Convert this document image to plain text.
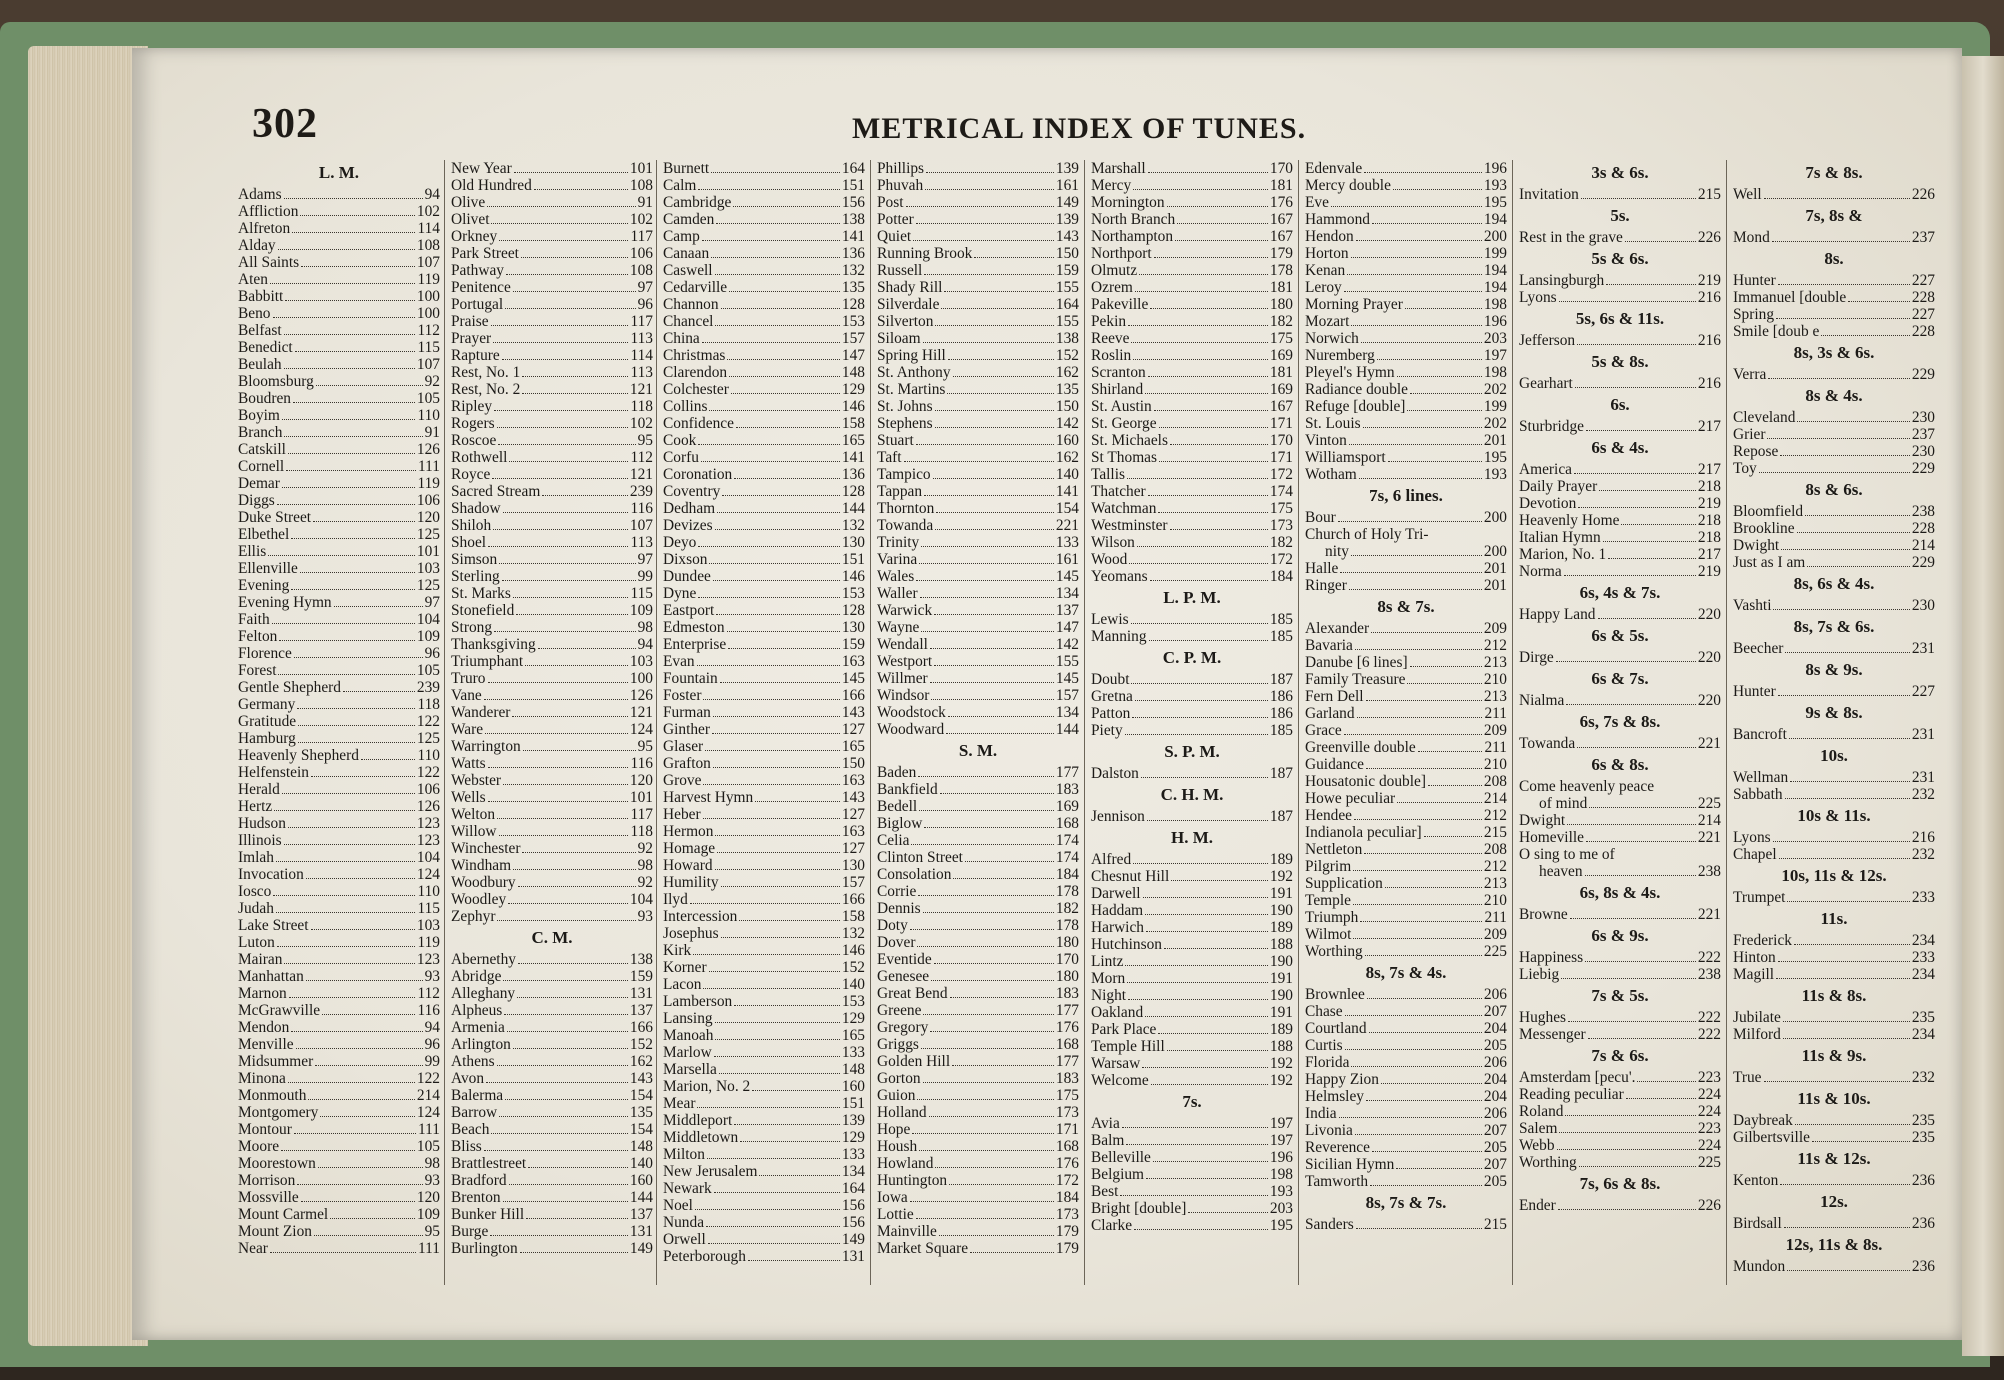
302	METRICAL INDEX OF TUNES.
L. M.
Adams	94
Affliction	102
Alfreton	114
Alday	108
All Saints	107
Aten	119
Babbitt	100
Beno	100
Belfast	112
Benedict	115
Beulah	107
Bloomsburg	92
Boudren	105
Boyim	110
Branch	91
Catskill	126
Cornell	111
Demar	119
Diggs	106
Duke Street	120
Elbethel	125
Ellis	101
Ellenville	103
Evening	125
Evening Hymn	97
Faith	104
Felton	109
Florence	96
Forest	105
Gentle Shepherd	239
Germany	118
Gratitude	122
Hamburg	125
Heavenly Shepherd	110
Helfenstein	122
Herald	106
Hertz	126
Hudson	123
Illinois	123
Imlah	104
Invocation	124
Iosco	110
Judah	115
Lake Street	103
Luton	119
Mairan	123
Manhattan	93
Marnon	112
McGrawville	116
Mendon	94
Menville	96
Midsummer	99
Minona	122
Monmouth	214
Montgomery	124
Montour	111
Moore	105
Moorestown	98
Morrison	93
Mossville	120
Mount Carmel	109
Mount Zion	95
Near	111
New Year	101
Old Hundred	108
Olive	91
Olivet	102
Orkney	117
Park Street	106
Pathway	108
Penitence	97
Portugal	96
Praise	117
Prayer	113
Rapture	114
Rest, No. 1	113
Rest, No. 2	121
Ripley	118
Rogers	102
Roscoe	95
Rothwell	112
Royce	121
Sacred Stream	239
Shadow	116
Shiloh	107
Shoel	113
Simson	97
Sterling	99
St. Marks	115
Stonefield	109
Strong	98
Thanksgiving	94
Triumphant	103
Truro	100
Vane	126
Wanderer	121
Ware	124
Warrington	95
Watts	116
Webster	120
Wells	101
Welton	117
Willow	118
Winchester	92
Windham	98
Woodbury	92
Woodley	104
Zephyr	93
C. M.
Abernethy	138
Abridge	159
Alleghany	131
Alpheus	137
Armenia	166
Arlington	152
Athens	162
Avon	143
Balerma	154
Barrow	135
Beach	154
Bliss	148
Brattlestreet	140
Bradford	160
Brenton	144
Bunker Hill	137
Burge	131
Burlington	149
Burnett	164
Calm	151
Cambridge	156
Camden	138
Camp	141
Canaan	136
Caswell	132
Cedarville	135
Channon	128
Chancel	153
China	157
Christmas	147
Clarendon	148
Colchester	129
Collins	146
Confidence	158
Cook	165
Corfu	141
Coronation	136
Coventry	128
Dedham	144
Devizes	132
Deyo	130
Dixson	151
Dundee	146
Dyne	153
Eastport	128
Edmeston	130
Enterprise	159
Evan	163
Fountain	145
Foster	166
Furman	143
Ginther	127
Glaser	165
Grafton	150
Grove	163
Harvest Hymn	143
Heber	127
Hermon	163
Homage	127
Howard	130
Humility	157
Ilyd	166
Intercession	158
Josephus	132
Kirk	146
Korner	152
Lacon	140
Lamberson	153
Lansing	129
Manoah	165
Marlow	133
Marsella	148
Marion, No. 2	160
Mear	151
Middleport	139
Middletown	129
Milton	133
New Jerusalem	134
Newark	164
Noel	156
Nunda	156
Orwell	149
Peterborough	131
Phillips	139
Phuvah	161
Post	149
Potter	139
Quiet	143
Running Brook	150
Russell	159
Shady Rill	155
Silverdale	164
Silverton	155
Siloam	138
Spring Hill	152
St. Anthony	162
St. Martins	135
St. Johns	150
Stephens	142
Stuart	160
Taft	162
Tampico	140
Tappan	141
Thornton	154
Towanda	221
Trinity	133
Varina	161
Wales	145
Waller	134
Warwick	137
Wayne	147
Wendall	142
Westport	155
Willmer	145
Windsor	157
Woodstock	134
Woodward	144
S. M.
Baden	177
Bankfield	183
Bedell	169
Biglow	168
Celia	174
Clinton Street	174
Consolation	184
Corrie	178
Dennis	182
Doty	178
Dover	180
Eventide	170
Genesee	180
Great Bend	183
Greene	177
Gregory	176
Griggs	168
Golden Hill	177
Gorton	183
Guion	175
Holland	173
Hope	171
Housh	168
Howland	176
Huntington	172
Iowa	184
Lottie	173
Mainville	179
Market Square	179
Marshall	170
Mercy	181
Mornington	176
North Branch	167
Northampton	167
Northport	179
Olmutz	178
Ozrem	181
Pakeville	180
Pekin	182
Reeve	175
Roslin	169
Scranton	181
Shirland	169
St. Austin	167
St. George	171
St. Michaels	170
St Thomas	171
Tallis	172
Thatcher	174
Watchman	175
Westminster	173
Wilson	182
Wood	172
Yeomans	184
L. P. M.
Lewis	185
Manning	185
C. P. M.
Doubt	187
Gretna	186
Patton	186
Piety	185
S. P. M.
Dalston	187
C. H. M.
Jennison	187
H. M.
Alfred	189
Chesnut Hill	192
Darwell	191
Haddam	190
Harwich	189
Hutchinson	188
Lintz	190
Morn	191
Night	190
Oakland	191
Park Place	189
Temple Hill	188
Warsaw	192
Welcome	192
7s.
Avia	197
Balm	197
Belleville	196
Belgium	198
Best	193
Bright [double]	203
Clarke	195
Edenvale	196
Mercy double	193
Eve	195
Hammond	194
Hendon	200
Horton	199
Kenan	194
Leroy	194
Morning Prayer	198
Mozart	196
Norwich	203
Nuremberg	197
Pleyel's Hymn	198
Radiance double	202
Refuge [double]	199
St. Louis	202
Vinton	201
Williamsport	195
Wotham	193
7s, 6 lines.
Bour	200
Church of Holy Tri-
nity	200
Halle	201
Ringer	201
8s & 7s.
Alexander	209
Bavaria	212
Danube [6 lines]	213
Family Treasure	210
Fern Dell	213
Garland	211
Grace	209
Greenville double	211
Guidance	210
Housatonic double]	208
Howe peculiar	214
Hendee	212
Indianola peculiar]	215
Nettleton	208
Pilgrim	212
Supplication	213
Temple	210
Triumph	211
Wilmot	209
Worthing	225
8s, 7s & 4s.
Brownlee	206
Chase	207
Courtland	204
Curtis	205
Florida	206
Happy Zion	204
Helmsley	204
India	206
Livonia	207
Reverence	205
Sicilian Hymn	207
Tamworth	205
8s, 7s & 7s.
Sanders	215
3s & 6s.
Invitation	215
5s.
Rest in the grave	226
5s & 6s.
Lansingburgh	219
Lyons	216
5s, 6s & 11s.
Jefferson	216
5s & 8s.
Gearhart	216
6s.
Sturbridge	217
6s & 4s.
America	217
Daily Prayer	218
Devotion	219
Heavenly Home	218
Italian Hymn	218
Marion, No. 1	217
Norma	219
6s, 4s & 7s.
Happy Land	220
6s & 5s.
Dirge	220
6s & 7s.
Nialma	220
6s, 7s & 8s.
Towanda	221
6s & 8s.
Come heavenly peace
of mind	225
Dwight	214
Homeville	221
O sing to me of
heaven	238
6s, 8s & 4s.
Browne	221
6s & 9s.
Happiness	222
Liebig	238
7s & 5s.
Hughes	222
Messenger	222
7s & 6s.
Amsterdam [pecu'.	223
Reading peculiar	224
Roland	224
Salem	223
Webb	224
Worthing	225
7s, 6s & 8s.
Ender	226
7s & 8s.
Well	226
7s, 8s &
Mond	237
8s.
Hunter	227
Immanuel [double	228
Spring	227
Smile [doub e	228
8s, 3s & 6s.
Verra	229
8s & 4s.
Cleveland	230
Grier	237
Repose	230
Toy	229
8s & 6s.
Bloomfield	238
Brookline	228
Dwight	214
Just as I am	229
8s, 6s & 4s.
Vashti	230
8s, 7s & 6s.
Beecher	231
8s & 9s.
Hunter	227
9s & 8s.
Bancroft	231
10s.
Wellman	231
Sabbath	232
10s & 11s.
Lyons	216
Chapel	232
10s, 11s & 12s.
Trumpet	233
11s.
Frederick	234
Hinton	233
Magill	234
11s & 8s.
Jubilate	235
Milford	234
11s & 9s.
True	232
11s & 10s.
Daybreak	235
Gilbertsville	235
11s & 12s.
Kenton	236
12s.
Birdsall	236
12s, 11s & 8s.
Mundon	236
